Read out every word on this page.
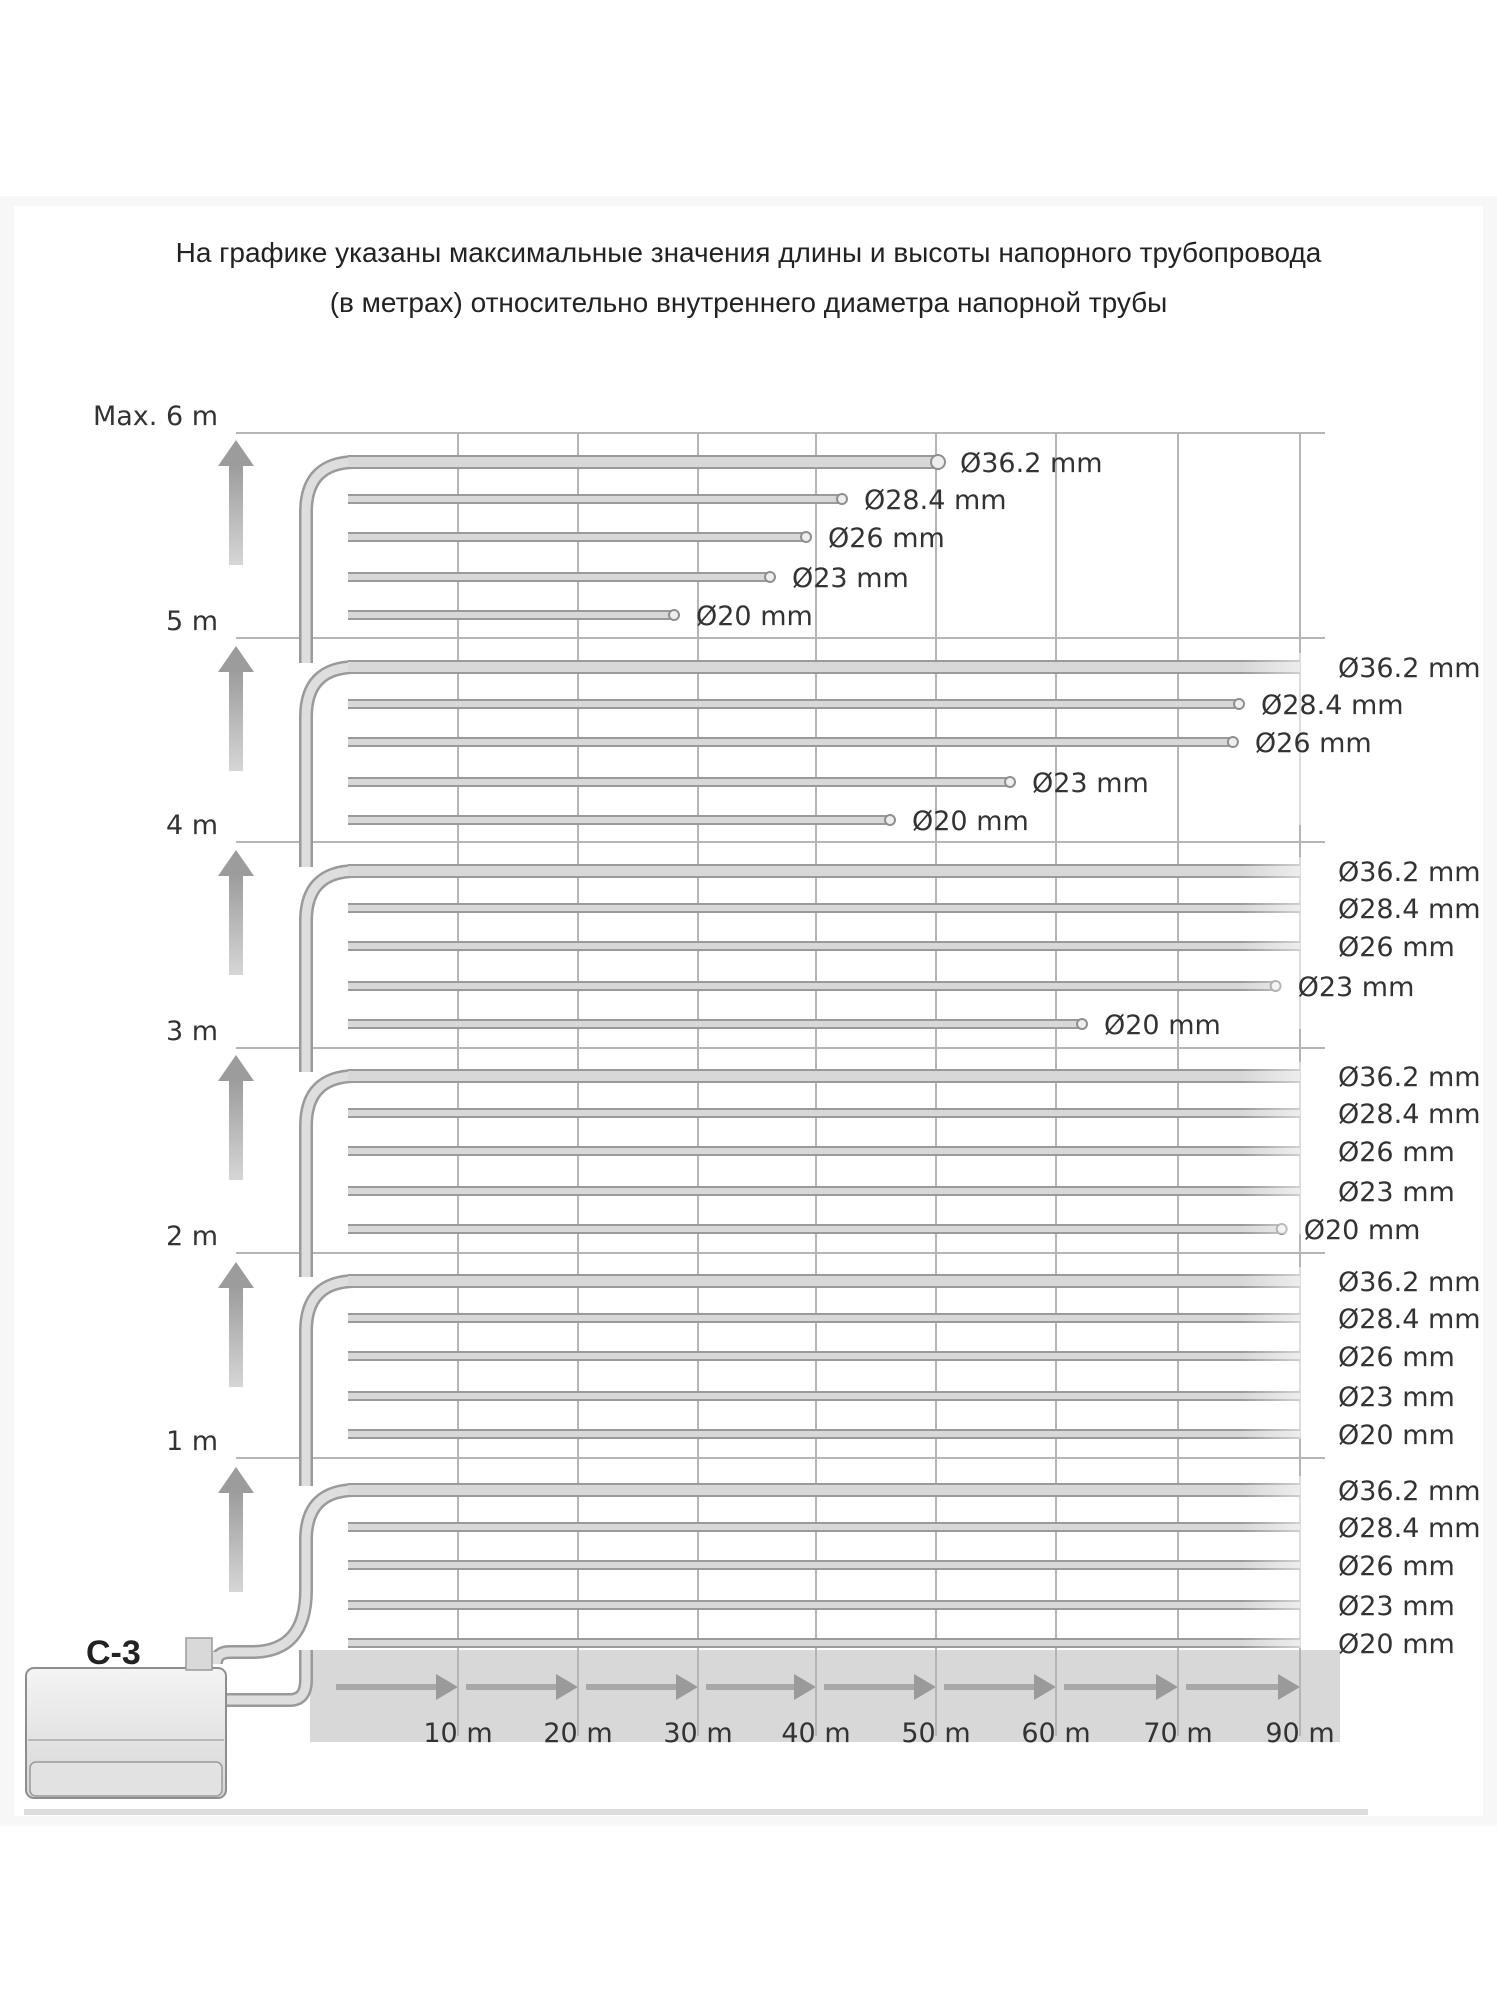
На графике указаны максимальные значения длины и высоты напорного трубопровода
(в метрах) относительно внутреннего диаметра напорной трубы
Ø36.2 mm
Ø28.4 mm
Ø26 mm
Ø23 mm
Ø20 mm
Ø36.2 mm
Ø28.4 mm
Ø26 mm
Ø23 mm
Ø20 mm
Ø36.2 mm
Ø28.4 mm
Ø26 mm
Ø23 mm
Ø20 mm
Ø36.2 mm
Ø28.4 mm
Ø26 mm
Ø23 mm
Ø20 mm
Ø36.2 mm
Ø28.4 mm
Ø26 mm
Ø23 mm
Ø20 mm
Ø36.2 mm
Ø28.4 mm
Ø26 mm
Ø23 mm
Ø20 mm
Max. 6 m
5 m
4 m
3 m
2 m
1 m
10 m 20 m 30 m 40 m 50 m 60 m 70 m 90 m
C-3
